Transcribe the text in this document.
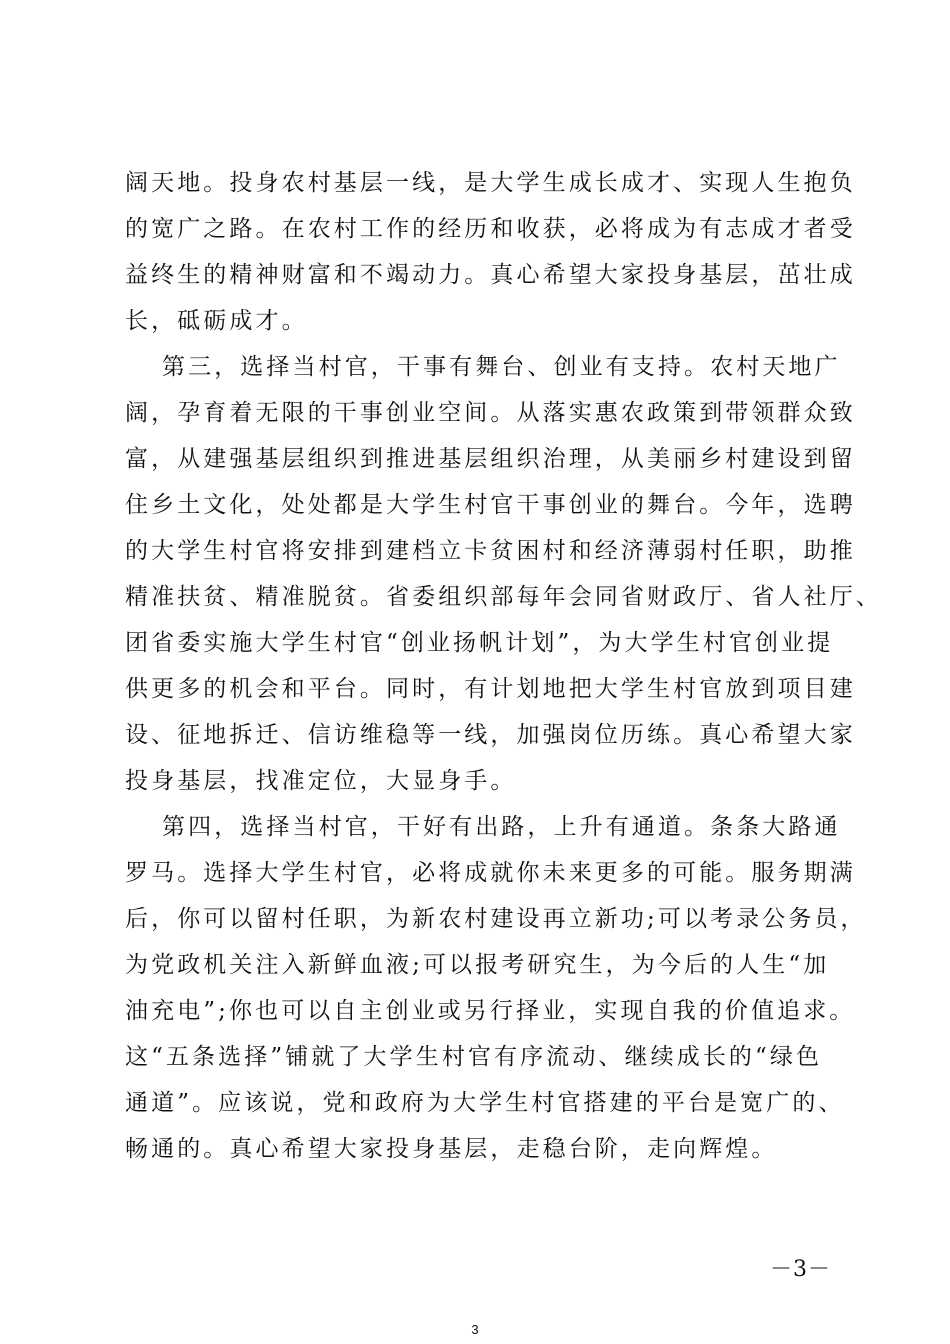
阔天地。投身农村基层一线，是大学生成长成才、实现人生抱负
的宽广之路。在农村工作的经历和收获，必将成为有志成才者受
益终生的精神财富和不竭动力。真心希望大家投身基层，茁壮成
长，砥砺成才。
第三，选择当村官，干事有舞台、创业有支持。农村天地广
阔，孕育着无限的干事创业空间。从落实惠农政策到带领群众致
富，从建强基层组织到推进基层组织治理，从美丽乡村建设到留
住乡土文化，处处都是大学生村官干事创业的舞台。今年，选聘
的大学生村官将安排到建档立卡贫困村和经济薄弱村任职，助推
精准扶贫、精准脱贫。省委组织部每年会同省财政厅、省人社厅、
团省委实施大学生村官“创业扬帆计划”，为大学生村官创业提
供更多的机会和平台。同时，有计划地把大学生村官放到项目建
设、征地拆迁、信访维稳等一线，加强岗位历练。真心希望大家
投身基层，找准定位，大显身手。
第四，选择当村官，干好有出路，上升有通道。条条大路通
罗马。选择大学生村官，必将成就你未来更多的可能。服务期满
后，你可以留村任职，为新农村建设再立新功;可以考录公务员，
为党政机关注入新鲜血液;可以报考研究生，为今后的人生“加
油充电”;你也可以自主创业或另行择业，实现自我的价值追求。
这“五条选择”铺就了大学生村官有序流动、继续成长的“绿色
通道”。应该说，党和政府为大学生村官搭建的平台是宽广的、
畅通的。真心希望大家投身基层，走稳台阶，走向辉煌。
－3－
3
